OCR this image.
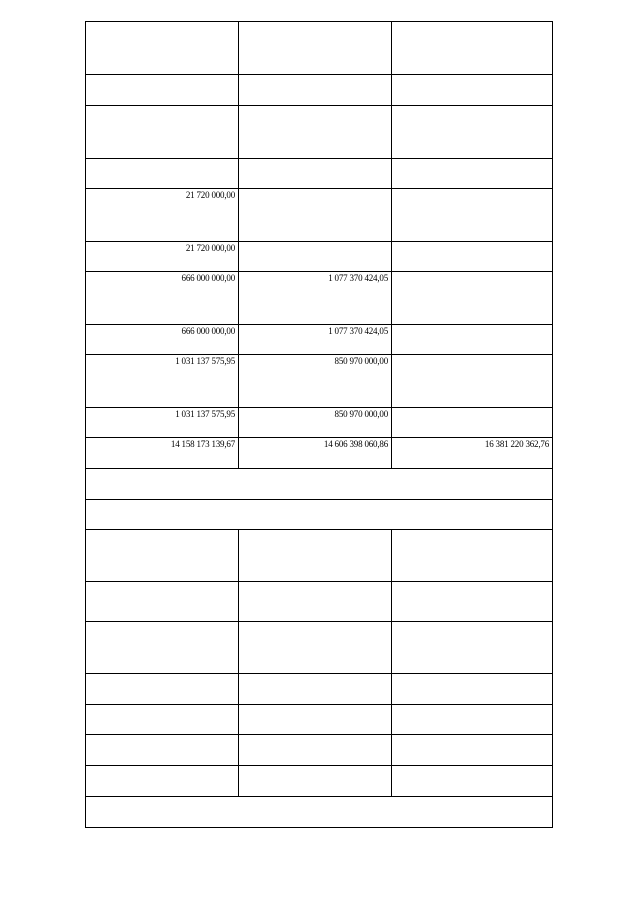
21 720 000,00		
21 720 000,00		
666 000 000,00	1 077 370 424,05	
666 000 000,00	1 077 370 424,05	
1 031 137 575,95	850 970 000,00	
1 031 137 575,95	850 970 000,00	
14 158 173 139,67	14 606 398 060,86	16 381 220 362,76
